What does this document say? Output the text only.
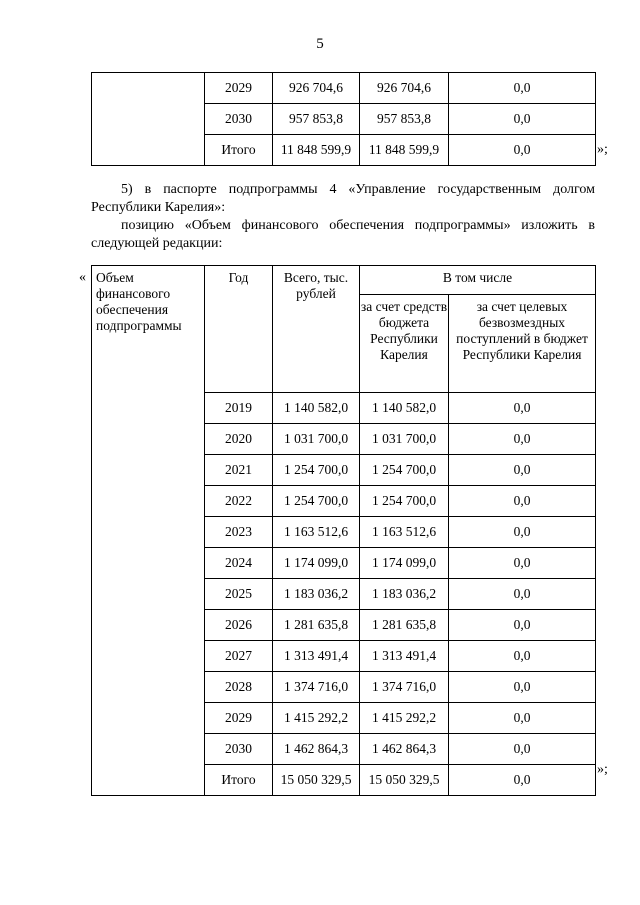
5
	2029	926 704,6	926 704,6	0,0
	2030	957 853,8	957 853,8	0,0
	Итого	11 848 599,9	11 848 599,9	0,0	»;

5) в паспорте подпрограммы 4 «Управление государственным долгом Республики Карелия»:

позицию «Объем финансового обеспечения подпрограммы» изложить в следующей редакции:

« Объем финансового обеспечения подпрограммы	Год	Всего, тыс. рублей	В том числе	
			за счет средств бюджета Республики Карелия	за счет целевых безвозмездных поступлений в бюджет Республики Карелия
	2019	1 140 582,0	1 140 582,0	0,0
	2020	1 031 700,0	1 031 700,0	0,0
	2021	1 254 700,0	1 254 700,0	0,0
	2022	1 254 700,0	1 254 700,0	0,0
	2023	1 163 512,6	1 163 512,6	0,0
	2024	1 174 099,0	1 174 099,0	0,0
	2025	1 183 036,2	1 183 036,2	0,0
	2026	1 281 635,8	1 281 635,8	0,0
	2027	1 313 491,4	1 313 491,4	0,0
	2028	1 374 716,0	1 374 716,0	0,0
	2029	1 415 292,2	1 415 292,2	0,0
	2030	1 462 864,3	1 462 864,3	0,0
	Итого	15 050 329,5	15 050 329,5	0,0
»;
